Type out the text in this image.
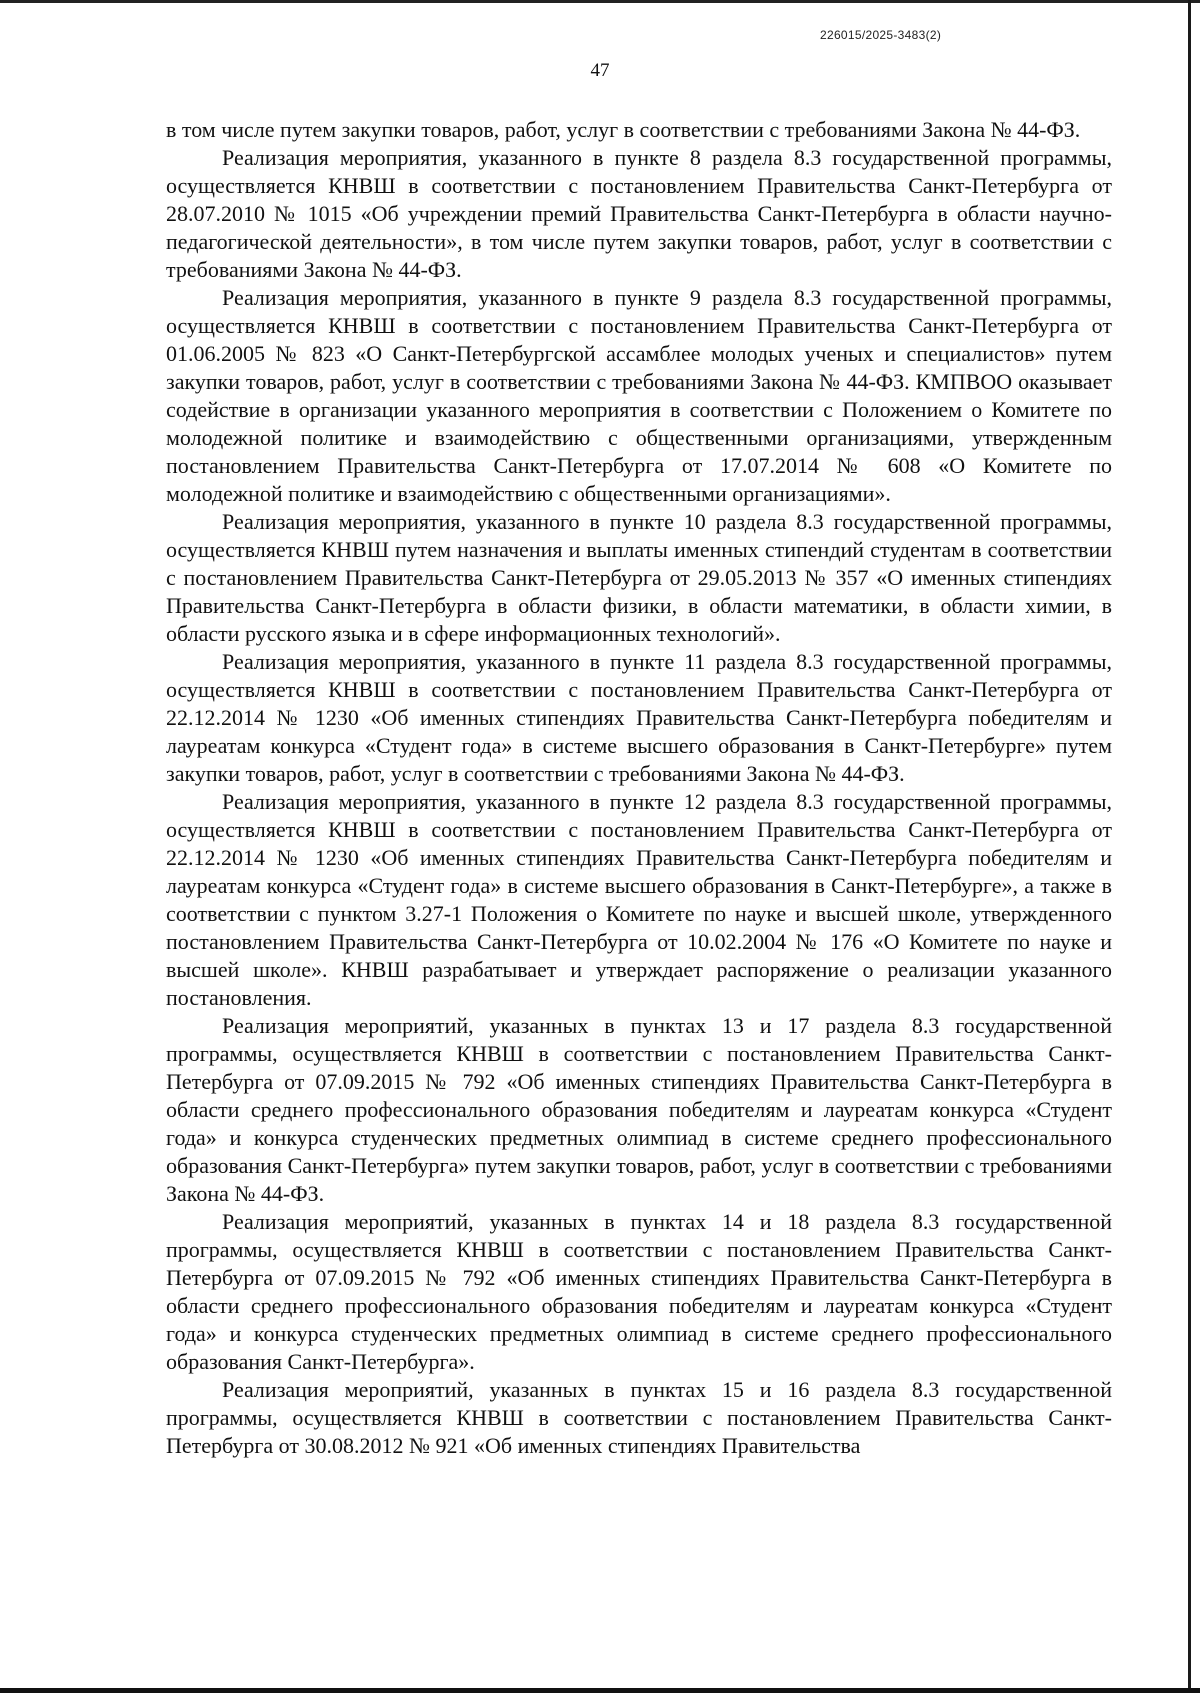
226015/2025-3483(2)
47

в том числе путем закупки товаров, работ, услуг в соответствии с требованиями Закона № 44-ФЗ.

Реализация мероприятия, указанного в пункте 8 раздела 8.3 государственной программы, осуществляется КНВШ в соответствии с постановлением Правительства Санкт-Петербурга от 28.07.2010 № 1015 «Об учреждении премий Правительства Санкт-Петербурга в области научно-педагогической деятельности», в том числе путем закупки товаров, работ, услуг в соответствии с требованиями Закона № 44-ФЗ.

Реализация мероприятия, указанного в пункте 9 раздела 8.3 государственной программы, осуществляется КНВШ в соответствии с постановлением Правительства Санкт-Петербурга от 01.06.2005 № 823 «О Санкт-Петербургской ассамблее молодых ученых и специалистов» путем закупки товаров, работ, услуг в соответствии с требованиями Закона № 44-ФЗ. КМПВОО оказывает содействие в организации указанного мероприятия в соответствии с Положением о Комитете по молодежной политике и взаимодействию с общественными организациями, утвержденным постановлением Правительства Санкт-Петербурга от 17.07.2014 № 608 «О Комитете по молодежной политике и взаимодействию с общественными организациями».

Реализация мероприятия, указанного в пункте 10 раздела 8.3 государственной программы, осуществляется КНВШ путем назначения и выплаты именных стипендий студентам в соответствии с постановлением Правительства Санкт-Петербурга от 29.05.2013 № 357 «О именных стипендиях Правительства Санкт-Петербурга в области физики, в области математики, в области химии, в области русского языка и в сфере информационных технологий».

Реализация мероприятия, указанного в пункте 11 раздела 8.3 государственной программы, осуществляется КНВШ в соответствии с постановлением Правительства Санкт-Петербурга от 22.12.2014 № 1230 «Об именных стипендиях Правительства Санкт-Петербурга победителям и лауреатам конкурса «Студент года» в системе высшего образования в Санкт-Петербурге» путем закупки товаров, работ, услуг в соответствии с требованиями Закона № 44-ФЗ.

Реализация мероприятия, указанного в пункте 12 раздела 8.3 государственной программы, осуществляется КНВШ в соответствии с постановлением Правительства Санкт-Петербурга от 22.12.2014 № 1230 «Об именных стипендиях Правительства Санкт-Петербурга победителям и лауреатам конкурса «Студент года» в системе высшего образования в Санкт-Петербурге», а также в соответствии с пунктом 3.27-1 Положения о Комитете по науке и высшей школе, утвержденного постановлением Правительства Санкт-Петербурга от 10.02.2004 № 176 «О Комитете по науке и высшей школе». КНВШ разрабатывает и утверждает распоряжение о реализации указанного постановления.

Реализация мероприятий, указанных в пунктах 13 и 17 раздела 8.3 государственной программы, осуществляется КНВШ в соответствии с постановлением Правительства Санкт-Петербурга от 07.09.2015 № 792 «Об именных стипендиях Правительства Санкт-Петербурга в области среднего профессионального образования победителям и лауреатам конкурса «Студент года» и конкурса студенческих предметных олимпиад в системе среднего профессионального образования Санкт-Петербурга» путем закупки товаров, работ, услуг в соответствии с требованиями Закона № 44-ФЗ.

Реализация мероприятий, указанных в пунктах 14 и 18 раздела 8.3 государственной программы, осуществляется КНВШ в соответствии с постановлением Правительства Санкт-Петербурга от 07.09.2015 № 792 «Об именных стипендиях Правительства Санкт-Петербурга в области среднего профессионального образования победителям и лауреатам конкурса «Студент года» и конкурса студенческих предметных олимпиад в системе среднего профессионального образования Санкт-Петербурга».

Реализация мероприятий, указанных в пунктах 15 и 16 раздела 8.3 государственной программы, осуществляется КНВШ в соответствии с постановлением Правительства Санкт-Петербурга от 30.08.2012 № 921 «Об именных стипендиях Правительства
